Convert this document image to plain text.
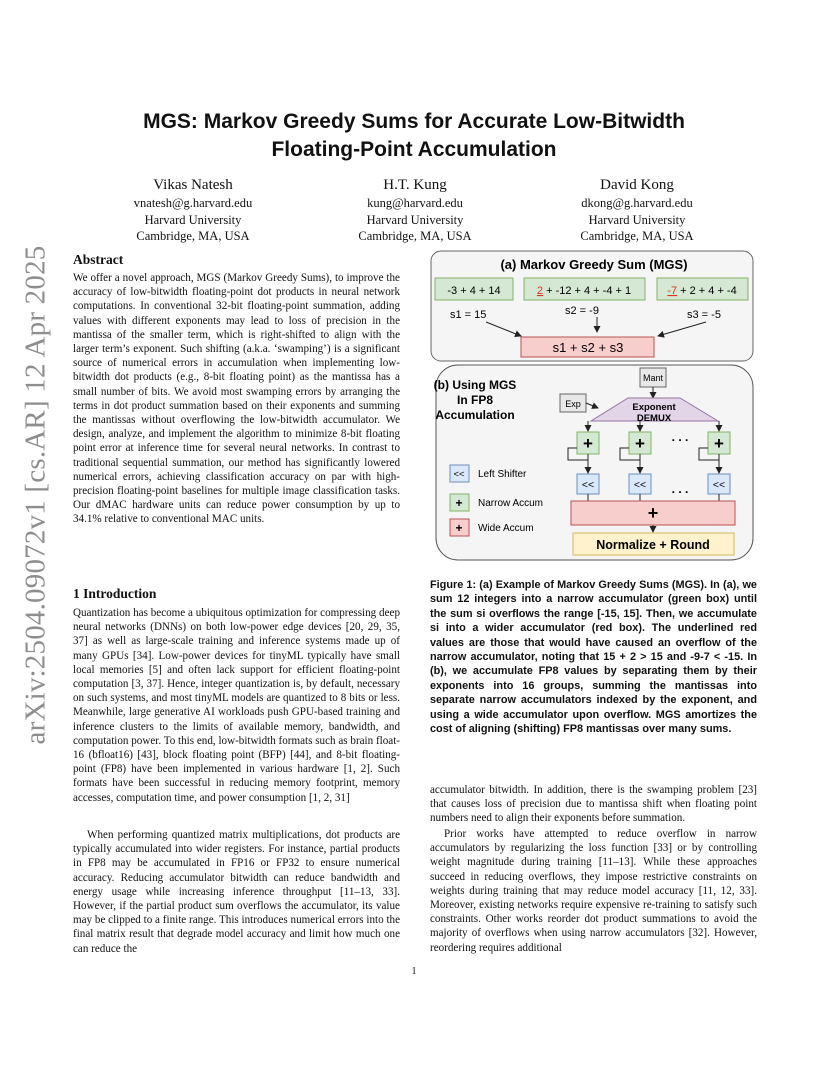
arXiv:2504.09072v1 [cs.AR] 12 Apr 2025
MGS: Markov Greedy Sums for Accurate Low-Bitwidth
Floating-Point Accumulation
Vikas Natesh
vnatesh@g.harvard.edu
Harvard University
Cambridge, MA, USA
H.T. Kung
kung@harvard.edu
Harvard University
Cambridge, MA, USA
David Kong
dkong@g.harvard.edu
Harvard University
Cambridge, MA, USA
Abstract
We offer a novel approach, MGS (Markov Greedy Sums), to improve the accuracy of low-bitwidth floating-point dot products in neural network computations. In conventional 32-bit floating-point summation, adding values with different exponents may lead to loss of precision in the mantissa of the smaller term, which is right-shifted to align with the larger term’s exponent. Such shifting (a.k.a. ‘swamping’) is a significant source of numerical errors in accumulation when implementing low-bitwidth dot products (e.g., 8-bit floating point) as the mantissa has a small number of bits. We avoid most swamping errors by arranging the terms in dot product summation based on their exponents and summing the mantissas without overflowing the low-bitwidth accumulator. We design, analyze, and implement the algorithm to minimize 8-bit floating point error at inference time for several neural networks. In contrast to traditional sequential summation, our method has significantly lowered numerical errors, achieving classification accuracy on par with high-precision floating-point baselines for multiple image classification tasks. Our dMAC hardware units can reduce power consumption by up to 34.1% relative to conventional MAC units.
1 Introduction
Quantization has become a ubiquitous optimization for compressing deep neural networks (DNNs) on both low-power edge devices [20, 29, 35, 37] as well as large-scale training and inference systems made up of many GPUs [34]. Low-power devices for tinyML typically have small local memories [5] and often lack support for efficient floating-point computation [3, 37]. Hence, integer quantization is, by default, necessary on such systems, and most tinyML models are quantized to 8 bits or less. Meanwhile, large generative AI workloads push GPU-based training and inference clusters to the limits of available memory, bandwidth, and computation power. To this end, low-bitwidth formats such as brain float-16 (bfloat16) [43], block floating point (BFP) [44], and 8-bit floating-point (FP8) have been implemented in various hardware [1, 2]. Such formats have been successful in reducing memory footprint, memory accesses, computation time, and power consumption [1, 2, 31]
When performing quantized matrix multiplications, dot products are typically accumulated into wider registers. For instance, partial products in FP8 may be accumulated in FP16 or FP32 to ensure numerical accuracy. Reducing accumulator bitwidth can reduce bandwidth and energy usage while increasing inference throughput [11–13, 33]. However, if the partial product sum overflows the accumulator, its value may be clipped to a finite range. This introduces numerical errors into the final matrix result that degrade model accuracy and limit how much one can reduce the
accumulator bitwidth. In addition, there is the swamping problem [23] that causes loss of precision due to mantissa shift when floating point numbers need to align their exponents before summation.
Prior works have attempted to reduce overflow in narrow accumulators by regularizing the loss function [33] or by controlling weight magnitude during training [11–13]. While these approaches succeed in reducing overflows, they impose restrictive constraints on weights during training that may reduce model accuracy [11, 12, 33]. Moreover, existing networks require expensive re-training to satisfy such constraints. Other works reorder dot product summations to avoid the majority of overflows when using narrow accumulators [32]. However, reordering requires additional
(a) Markov Greedy Sum (MGS)
-3 + 4 + 14	2 + -12 + 4 + -4 + 1	-7 + 2 + 4 + -4
s1 = 15	s2 = -9	s3 = -5
s1 + s2 + s3
(b) Using MGS
In FP8
Accumulation
Mant
Exp	Exponent
DEMUX
+ +	+
. . .
<<	<<	<<
. . .
+
Normalize + Round
<< Left Shifter
+ Narrow Accum
+ Wide Accum
Figure 1: (a) Example of Markov Greedy Sums (MGS). In (a), we sum 12 integers into a narrow accumulator (green box) until the sum si overflows the range [-15, 15]. Then, we accumulate si into a wider accumulator (red box). The underlined red values are those that would have caused an overflow of the narrow accumulator, noting that 15 + 2 > 15 and -9-7 < -15. In (b), we accumulate FP8 values by separating them by their exponents into 16 groups, summing the mantissas into separate narrow accumulators indexed by the exponent, and using a wide accumulator upon overflow. MGS amortizes the cost of aligning (shifting) FP8 mantissas over many sums.
1
